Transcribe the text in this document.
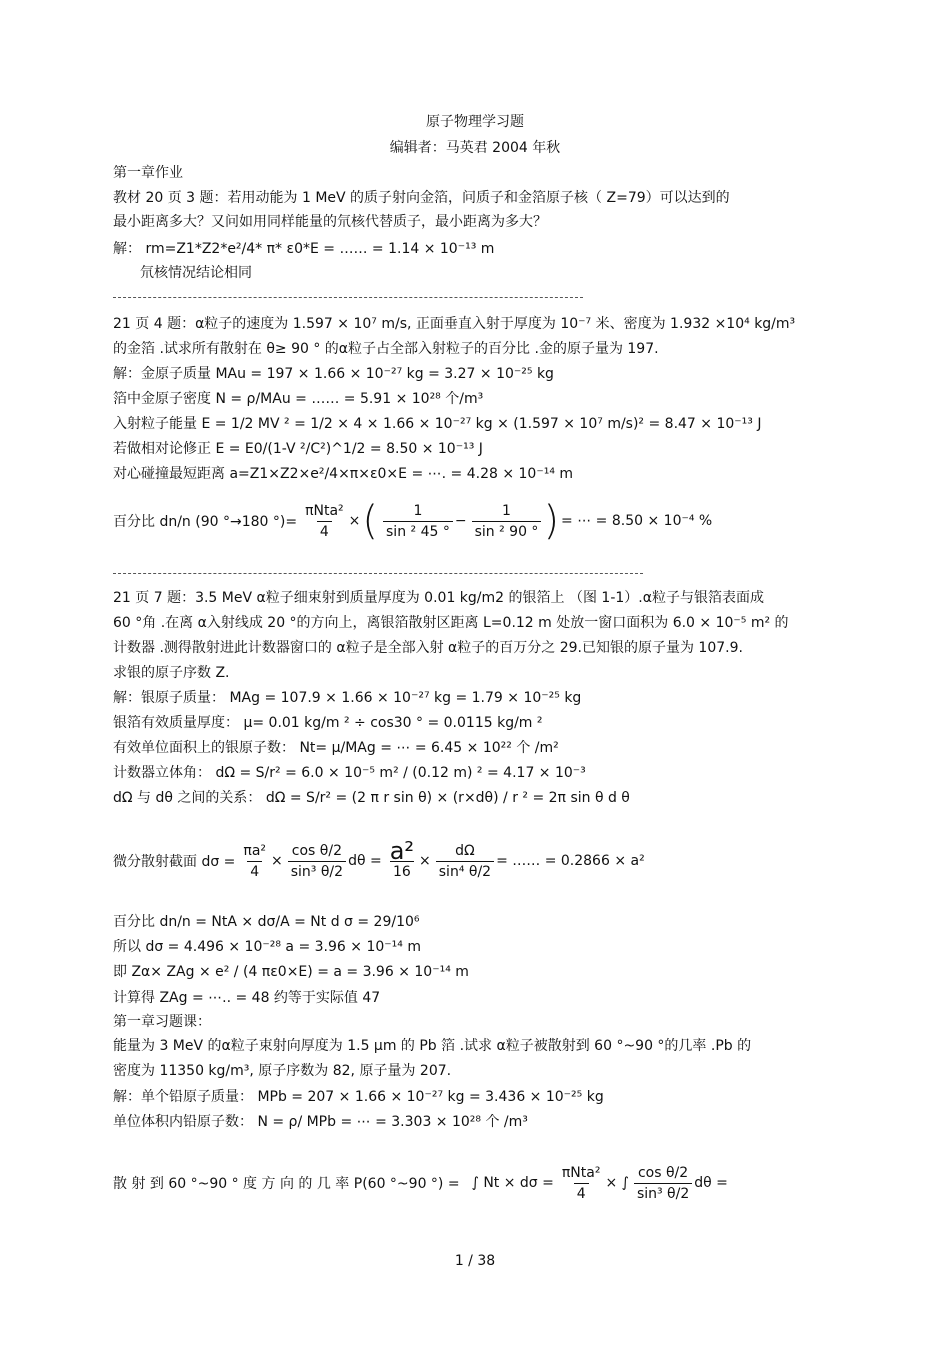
原子物理学习题
编辑者：马英君 2004 年秋
第一章作业
教材 20 页 3 题：若用动能为 1 MeV 的质子射向金箔，问质子和金箔原子核（ Z=79）可以达到的
最小距离多大？又问如用同样能量的氘核代替质子，最小距离为多大？
解： rm=Z1*Z2*e²/4* π* ε0*E = …… = 1.14 × 10⁻¹³ m
氘核情况结论相同
21 页 4 题：α粒子的速度为 1.597 × 10⁷ m/s, 正面垂直入射于厚度为 10⁻⁷ 米、密度为 1.932 ×10⁴ kg/m³
的金箔 .试求所有散射在 θ≥ 90 ° 的α粒子占全部入射粒子的百分比 .金的原子量为 197.
解：金原子质量 MAu = 197 × 1.66 × 10⁻²⁷ kg = 3.27 × 10⁻²⁵ kg
箔中金原子密度 N = ρ/MAu = …… = 5.91 × 10²⁸ 个/m³
入射粒子能量 E = 1/2 MV ² = 1/2 × 4 × 1.66 × 10⁻²⁷ kg × (1.597 × 10⁷ m/s)² = 8.47 × 10⁻¹³ J
若做相对论修正 E = E0/(1-V ²/C²)^1/2 = 8.50 × 10⁻¹³ J
对心碰撞最短距离 a=Z1×Z2×e²/4×π×ε0×E = ⋯. = 4.28 × 10⁻¹⁴ m
百分比 dn/n (90 °→180 °)= $\frac{\text{πNta²}}{4}$ × ( $\frac{1}{\text{sin ² 45 °}} - \frac{1}{\text{sin ² 90 °}}$ ) = ⋯ = 8.50 × 10⁻⁴ %
21 页 7 题：3.5 MeV α粒子细束射到质量厚度为 0.01 kg/m2 的银箔上 （图 1-1）.α粒子与银箔表面成
60 °角 .在离 α入射线成 20 °的方向上，离银箔散射区距离 L=0.12 m 处放一窗口面积为 6.0 × 10⁻⁵ m² 的
计数器 .测得散射进此计数器窗口的 α粒子是全部入射 α粒子的百万分之 29.已知银的原子量为 107.9.
求银的原子序数 Z.
解：银原子质量： MAg = 107.9 × 1.66 × 10⁻²⁷ kg = 1.79 × 10⁻²⁵ kg
银箔有效质量厚度： μ= 0.01 kg/m ² ÷ cos30 ° = 0.0115 kg/m ²
有效单位面积上的银原子数： Nt= μ/MAg = ⋯ = 6.45 × 10²² 个 /m²
计数器立体角： dΩ = S/r² = 6.0 × 10⁻⁵ m² / (0.12 m) ² = 4.17 × 10⁻³
dΩ 与 dθ 之间的关系： dΩ = S/r² = (2 π r sin θ) × (r×dθ) / r ² = 2π sin θ d θ
微分散射截面 $d\sigma = \frac{\text{πa²}}{4} \times \frac{\text{cos θ/2}}{\text{sin³ θ/2}}$ $d\theta = \frac{\text{a²}}{16} \times \frac{d\Omega}{\text{sin⁴ θ/2}}$ = …… = 0.2866 × a²
百分比 dn/n = NtA × dσ/A = Nt d σ = 29/10⁶
所以 dσ = 4.496 × 10⁻²⁸ a = 3.96 × 10⁻¹⁴ m
即 Zα× ZAg × e² / (4 πε0×E) = a = 3.96 × 10⁻¹⁴ m
计算得 ZAg = ⋯.. = 48 约等于实际值 47
第一章习题课：
能量为 3 MeV 的α粒子束射向厚度为 1.5 μm 的 Pb 箔 .试求 α粒子被散射到 60 °~90 °的几率 .Pb 的
密度为 11350 kg/m³, 原子序数为 82, 原子量为 207.
解：单个铅原子质量： MPb = 207 × 1.66 × 10⁻²⁷ kg = 3.436 × 10⁻²⁵ kg
单位体积内铅原子数： N = ρ/ MPb = ⋯ = 3.303 × 10²⁸ 个 /m³
散 射 到 60 °~90 ° 度 方 向 的 几 率 P(60 °~90 °) = ∫ $Nt \times d\sigma = \frac{\text{πNta²}}{4}$ × ∫ $\frac{\text{cos θ/2}}{\text{sin³ θ/2}}$ dθ =
1 / 38
